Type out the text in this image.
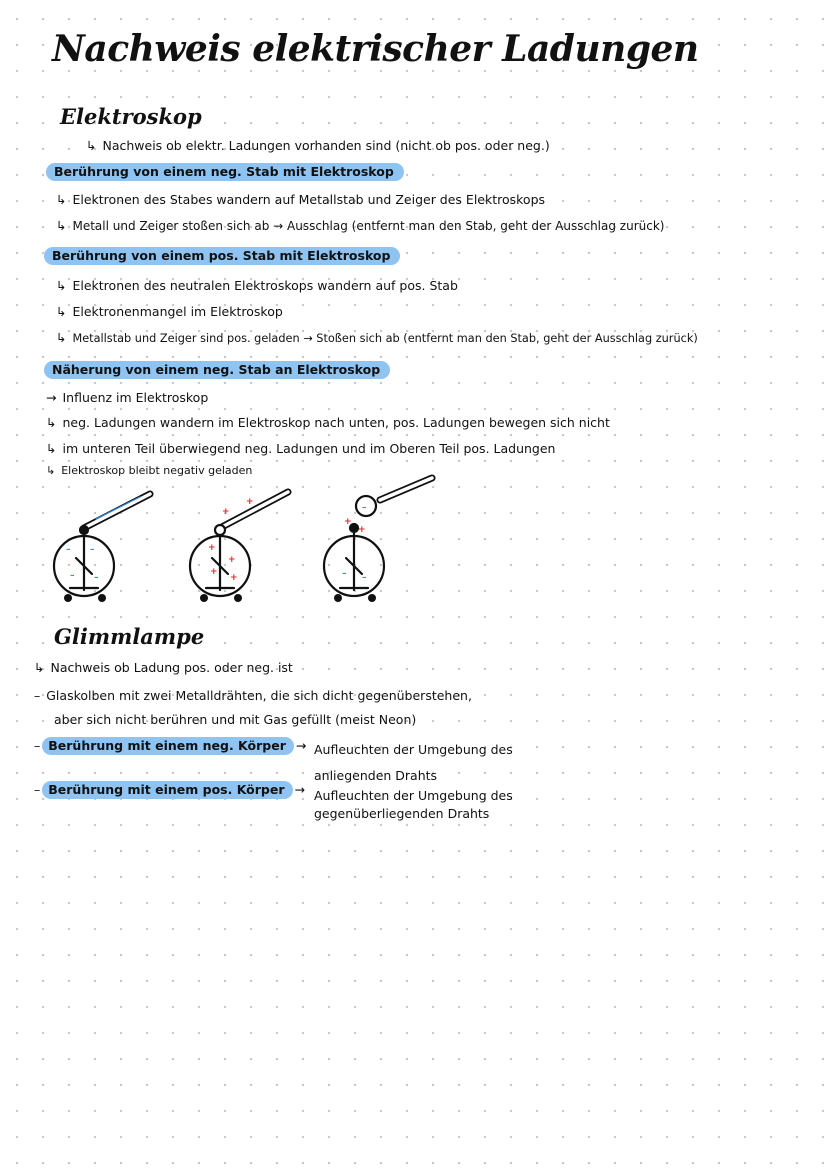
Nachweis elektrischer Ladungen
Elektroskop
↳ Nachweis ob elektr. Ladungen vorhanden sind (nicht ob pos. oder neg.)
Berührung von einem neg. Stab mit Elektroskop
↳ Elektronen des Stabes wandern auf Metallstab und Zeiger des Elektroskops
↳ Metall und Zeiger stoßen sich ab → Ausschlag (entfernt man den Stab, geht der Ausschlag zurück)
Berührung von einem pos. Stab mit Elektroskop
↳ Elektronen des neutralen Elektroskops wandern auf pos. Stab
↳ Elektronenmangel im Elektroskop
↳ Metallstab und Zeiger sind pos. geladen → Stoßen sich ab (entfernt man den Stab, geht der Ausschlag zurück)
Näherung von einem neg. Stab an Elektroskop
→ Influenz im Elektroskop
↳ neg. Ladungen wandern im Elektroskop nach unten, pos. Ladungen bewegen sich nicht
↳ im unteren Teil überwiegend neg. Ladungen und im Oberen Teil pos. Ladungen
↳ Elektroskop bleibt negativ geladen
– –
– –
+
+
+
+
+
+
–
+
+
– –
Glimmlampe
↳ Nachweis ob Ladung pos. oder neg. ist
– Glaskolben mit zwei Metalldrähten, die sich dicht gegenüberstehen,
aber sich nicht berühren und mit Gas gefüllt (meist Neon)
– Berührung mit einem neg. Körper → Aufleuchten der Umgebung des
anliegenden Drahts
– Berührung mit einem pos. Körper → Aufleuchten der Umgebung des
gegenüberliegenden Drahts
